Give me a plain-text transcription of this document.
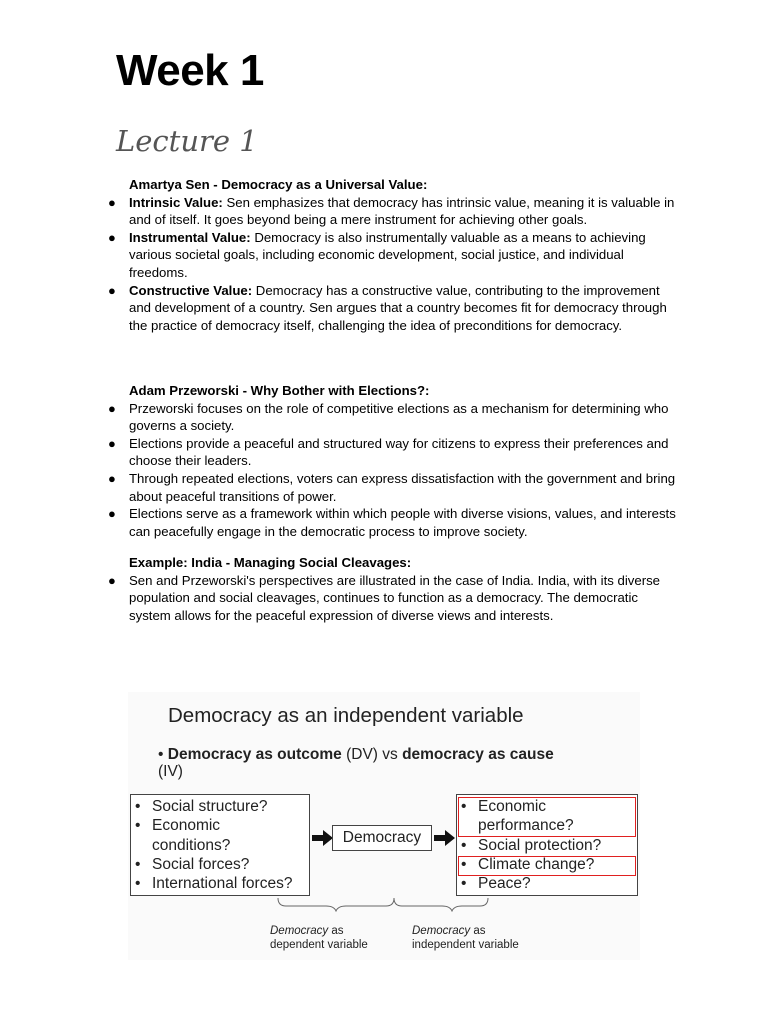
Week 1
Lecture 1
Amartya Sen - Democracy as a Universal Value:
● Intrinsic Value: Sen emphasizes that democracy has intrinsic value, meaning it is valuable in and of itself. It goes beyond being a mere instrument for achieving other goals.
● Instrumental Value: Democracy is also instrumentally valuable as a means to achieving various societal goals, including economic development, social justice, and individual freedoms.
● Constructive Value: Democracy has a constructive value, contributing to the improvement and development of a country. Sen argues that a country becomes fit for democracy through the practice of democracy itself, challenging the idea of preconditions for democracy.
Adam Przeworski - Why Bother with Elections?:
● Przeworski focuses on the role of competitive elections as a mechanism for determining who governs a society.
● Elections provide a peaceful and structured way for citizens to express their preferences and choose their leaders.
● Through repeated elections, voters can express dissatisfaction with the government and bring about peaceful transitions of power.
● Elections serve as a framework within which people with diverse visions, values, and interests can peacefully engage in the democratic process to improve society.
Example: India - Managing Social Cleavages:
● Sen and Przeworski's perspectives are illustrated in the case of India. India, with its diverse population and social cleavages, continues to function as a democracy. The democratic system allows for the peaceful expression of diverse views and interests.
Democracy as an independent variable
• Democracy as outcome (DV) vs democracy as cause
(IV)
• Social structure?
• Economic
conditions?
• Social forces?
• International forces?
Democracy
• Economic
performance?
• Social protection?
• Climate change?
• Peace?
Democracy as
dependent variable
Democracy as
independent variable
